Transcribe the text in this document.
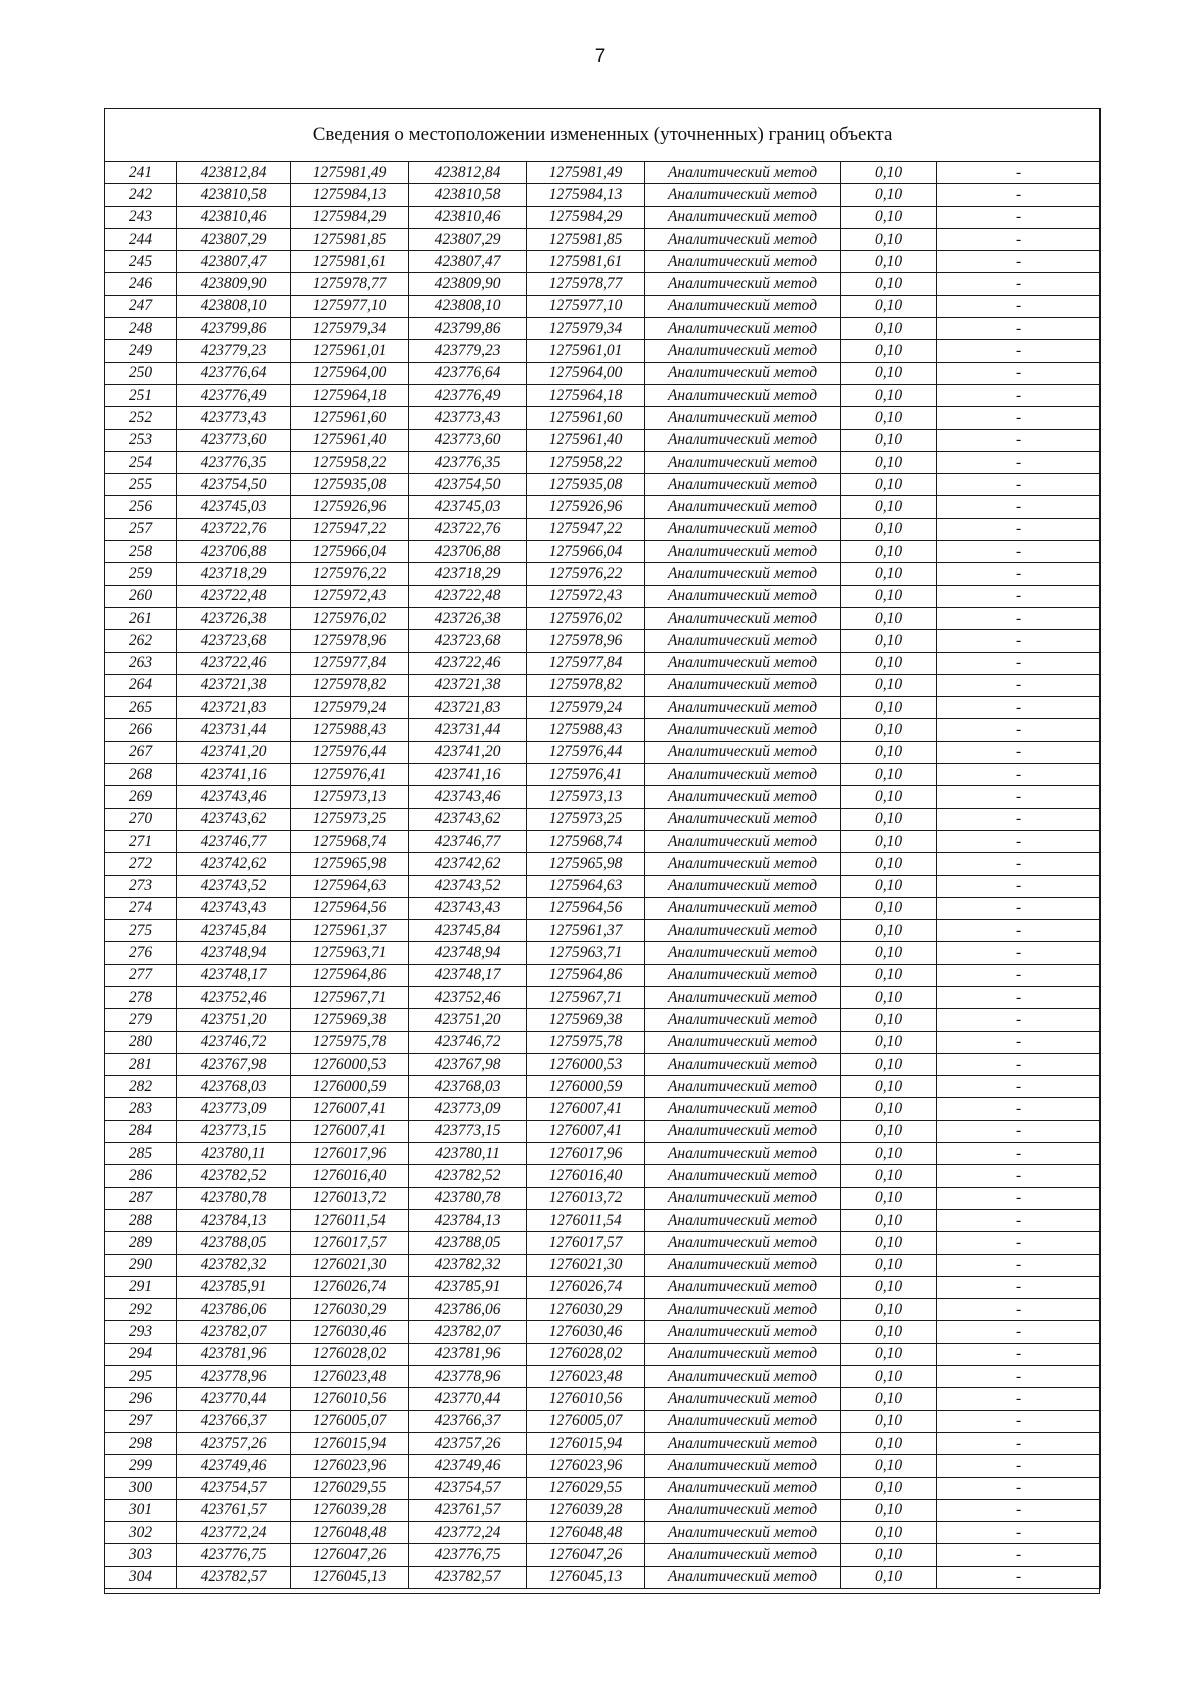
7
Сведения о местоположении измененных (уточненных) границ объекта							
241	423812,84	1275981,49	423812,84	1275981,49	Аналитический метод	0,10	-
242	423810,58	1275984,13	423810,58	1275984,13	Аналитический метод	0,10	-
243	423810,46	1275984,29	423810,46	1275984,29	Аналитический метод	0,10	-
244	423807,29	1275981,85	423807,29	1275981,85	Аналитический метод	0,10	-
245	423807,47	1275981,61	423807,47	1275981,61	Аналитический метод	0,10	-
246	423809,90	1275978,77	423809,90	1275978,77	Аналитический метод	0,10	-
247	423808,10	1275977,10	423808,10	1275977,10	Аналитический метод	0,10	-
248	423799,86	1275979,34	423799,86	1275979,34	Аналитический метод	0,10	-
249	423779,23	1275961,01	423779,23	1275961,01	Аналитический метод	0,10	-
250	423776,64	1275964,00	423776,64	1275964,00	Аналитический метод	0,10	-
251	423776,49	1275964,18	423776,49	1275964,18	Аналитический метод	0,10	-
252	423773,43	1275961,60	423773,43	1275961,60	Аналитический метод	0,10	-
253	423773,60	1275961,40	423773,60	1275961,40	Аналитический метод	0,10	-
254	423776,35	1275958,22	423776,35	1275958,22	Аналитический метод	0,10	-
255	423754,50	1275935,08	423754,50	1275935,08	Аналитический метод	0,10	-
256	423745,03	1275926,96	423745,03	1275926,96	Аналитический метод	0,10	-
257	423722,76	1275947,22	423722,76	1275947,22	Аналитический метод	0,10	-
258	423706,88	1275966,04	423706,88	1275966,04	Аналитический метод	0,10	-
259	423718,29	1275976,22	423718,29	1275976,22	Аналитический метод	0,10	-
260	423722,48	1275972,43	423722,48	1275972,43	Аналитический метод	0,10	-
261	423726,38	1275976,02	423726,38	1275976,02	Аналитический метод	0,10	-
262	423723,68	1275978,96	423723,68	1275978,96	Аналитический метод	0,10	-
263	423722,46	1275977,84	423722,46	1275977,84	Аналитический метод	0,10	-
264	423721,38	1275978,82	423721,38	1275978,82	Аналитический метод	0,10	-
265	423721,83	1275979,24	423721,83	1275979,24	Аналитический метод	0,10	-
266	423731,44	1275988,43	423731,44	1275988,43	Аналитический метод	0,10	-
267	423741,20	1275976,44	423741,20	1275976,44	Аналитический метод	0,10	-
268	423741,16	1275976,41	423741,16	1275976,41	Аналитический метод	0,10	-
269	423743,46	1275973,13	423743,46	1275973,13	Аналитический метод	0,10	-
270	423743,62	1275973,25	423743,62	1275973,25	Аналитический метод	0,10	-
271	423746,77	1275968,74	423746,77	1275968,74	Аналитический метод	0,10	-
272	423742,62	1275965,98	423742,62	1275965,98	Аналитический метод	0,10	-
273	423743,52	1275964,63	423743,52	1275964,63	Аналитический метод	0,10	-
274	423743,43	1275964,56	423743,43	1275964,56	Аналитический метод	0,10	-
275	423745,84	1275961,37	423745,84	1275961,37	Аналитический метод	0,10	-
276	423748,94	1275963,71	423748,94	1275963,71	Аналитический метод	0,10	-
277	423748,17	1275964,86	423748,17	1275964,86	Аналитический метод	0,10	-
278	423752,46	1275967,71	423752,46	1275967,71	Аналитический метод	0,10	-
279	423751,20	1275969,38	423751,20	1275969,38	Аналитический метод	0,10	-
280	423746,72	1275975,78	423746,72	1275975,78	Аналитический метод	0,10	-
281	423767,98	1276000,53	423767,98	1276000,53	Аналитический метод	0,10	-
282	423768,03	1276000,59	423768,03	1276000,59	Аналитический метод	0,10	-
283	423773,09	1276007,41	423773,09	1276007,41	Аналитический метод	0,10	-
284	423773,15	1276007,41	423773,15	1276007,41	Аналитический метод	0,10	-
285	423780,11	1276017,96	423780,11	1276017,96	Аналитический метод	0,10	-
286	423782,52	1276016,40	423782,52	1276016,40	Аналитический метод	0,10	-
287	423780,78	1276013,72	423780,78	1276013,72	Аналитический метод	0,10	-
288	423784,13	1276011,54	423784,13	1276011,54	Аналитический метод	0,10	-
289	423788,05	1276017,57	423788,05	1276017,57	Аналитический метод	0,10	-
290	423782,32	1276021,30	423782,32	1276021,30	Аналитический метод	0,10	-
291	423785,91	1276026,74	423785,91	1276026,74	Аналитический метод	0,10	-
292	423786,06	1276030,29	423786,06	1276030,29	Аналитический метод	0,10	-
293	423782,07	1276030,46	423782,07	1276030,46	Аналитический метод	0,10	-
294	423781,96	1276028,02	423781,96	1276028,02	Аналитический метод	0,10	-
295	423778,96	1276023,48	423778,96	1276023,48	Аналитический метод	0,10	-
296	423770,44	1276010,56	423770,44	1276010,56	Аналитический метод	0,10	-
297	423766,37	1276005,07	423766,37	1276005,07	Аналитический метод	0,10	-
298	423757,26	1276015,94	423757,26	1276015,94	Аналитический метод	0,10	-
299	423749,46	1276023,96	423749,46	1276023,96	Аналитический метод	0,10	-
300	423754,57	1276029,55	423754,57	1276029,55	Аналитический метод	0,10	-
301	423761,57	1276039,28	423761,57	1276039,28	Аналитический метод	0,10	-
302	423772,24	1276048,48	423772,24	1276048,48	Аналитический метод	0,10	-
303	423776,75	1276047,26	423776,75	1276047,26	Аналитический метод	0,10	-
304	423782,57	1276045,13	423782,57	1276045,13	Аналитический метод	0,10	-
